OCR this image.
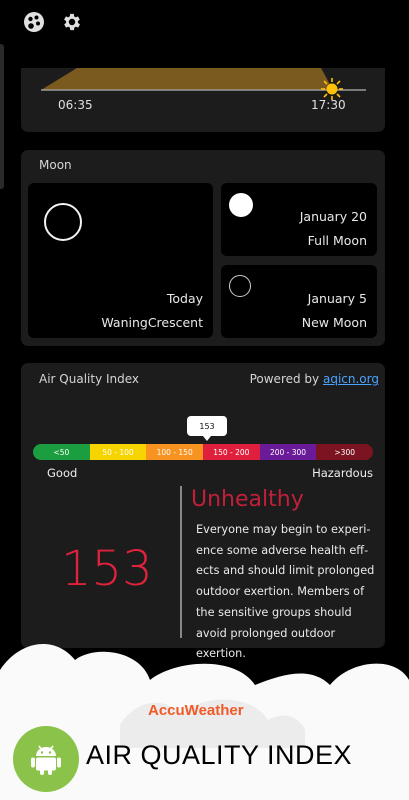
06:35	17:30
Moon
Today
WaningCrescent
January 20
Full Moon
January 5
New Moon
Air Quality Index	Powered by aqicn.org
153
<50	50 - 100	100 - 150	150 - 200	200 - 300	>300
Good	Hazardous
153
Unhealthy

Everyone may begin to experi-ence some adverse health eff-ects and should limit prolonged outdoor exertion. Members of the sensitive groups should avoid prolonged outdoor exertion.

AccuWeather
AIR QUALITY INDEX
